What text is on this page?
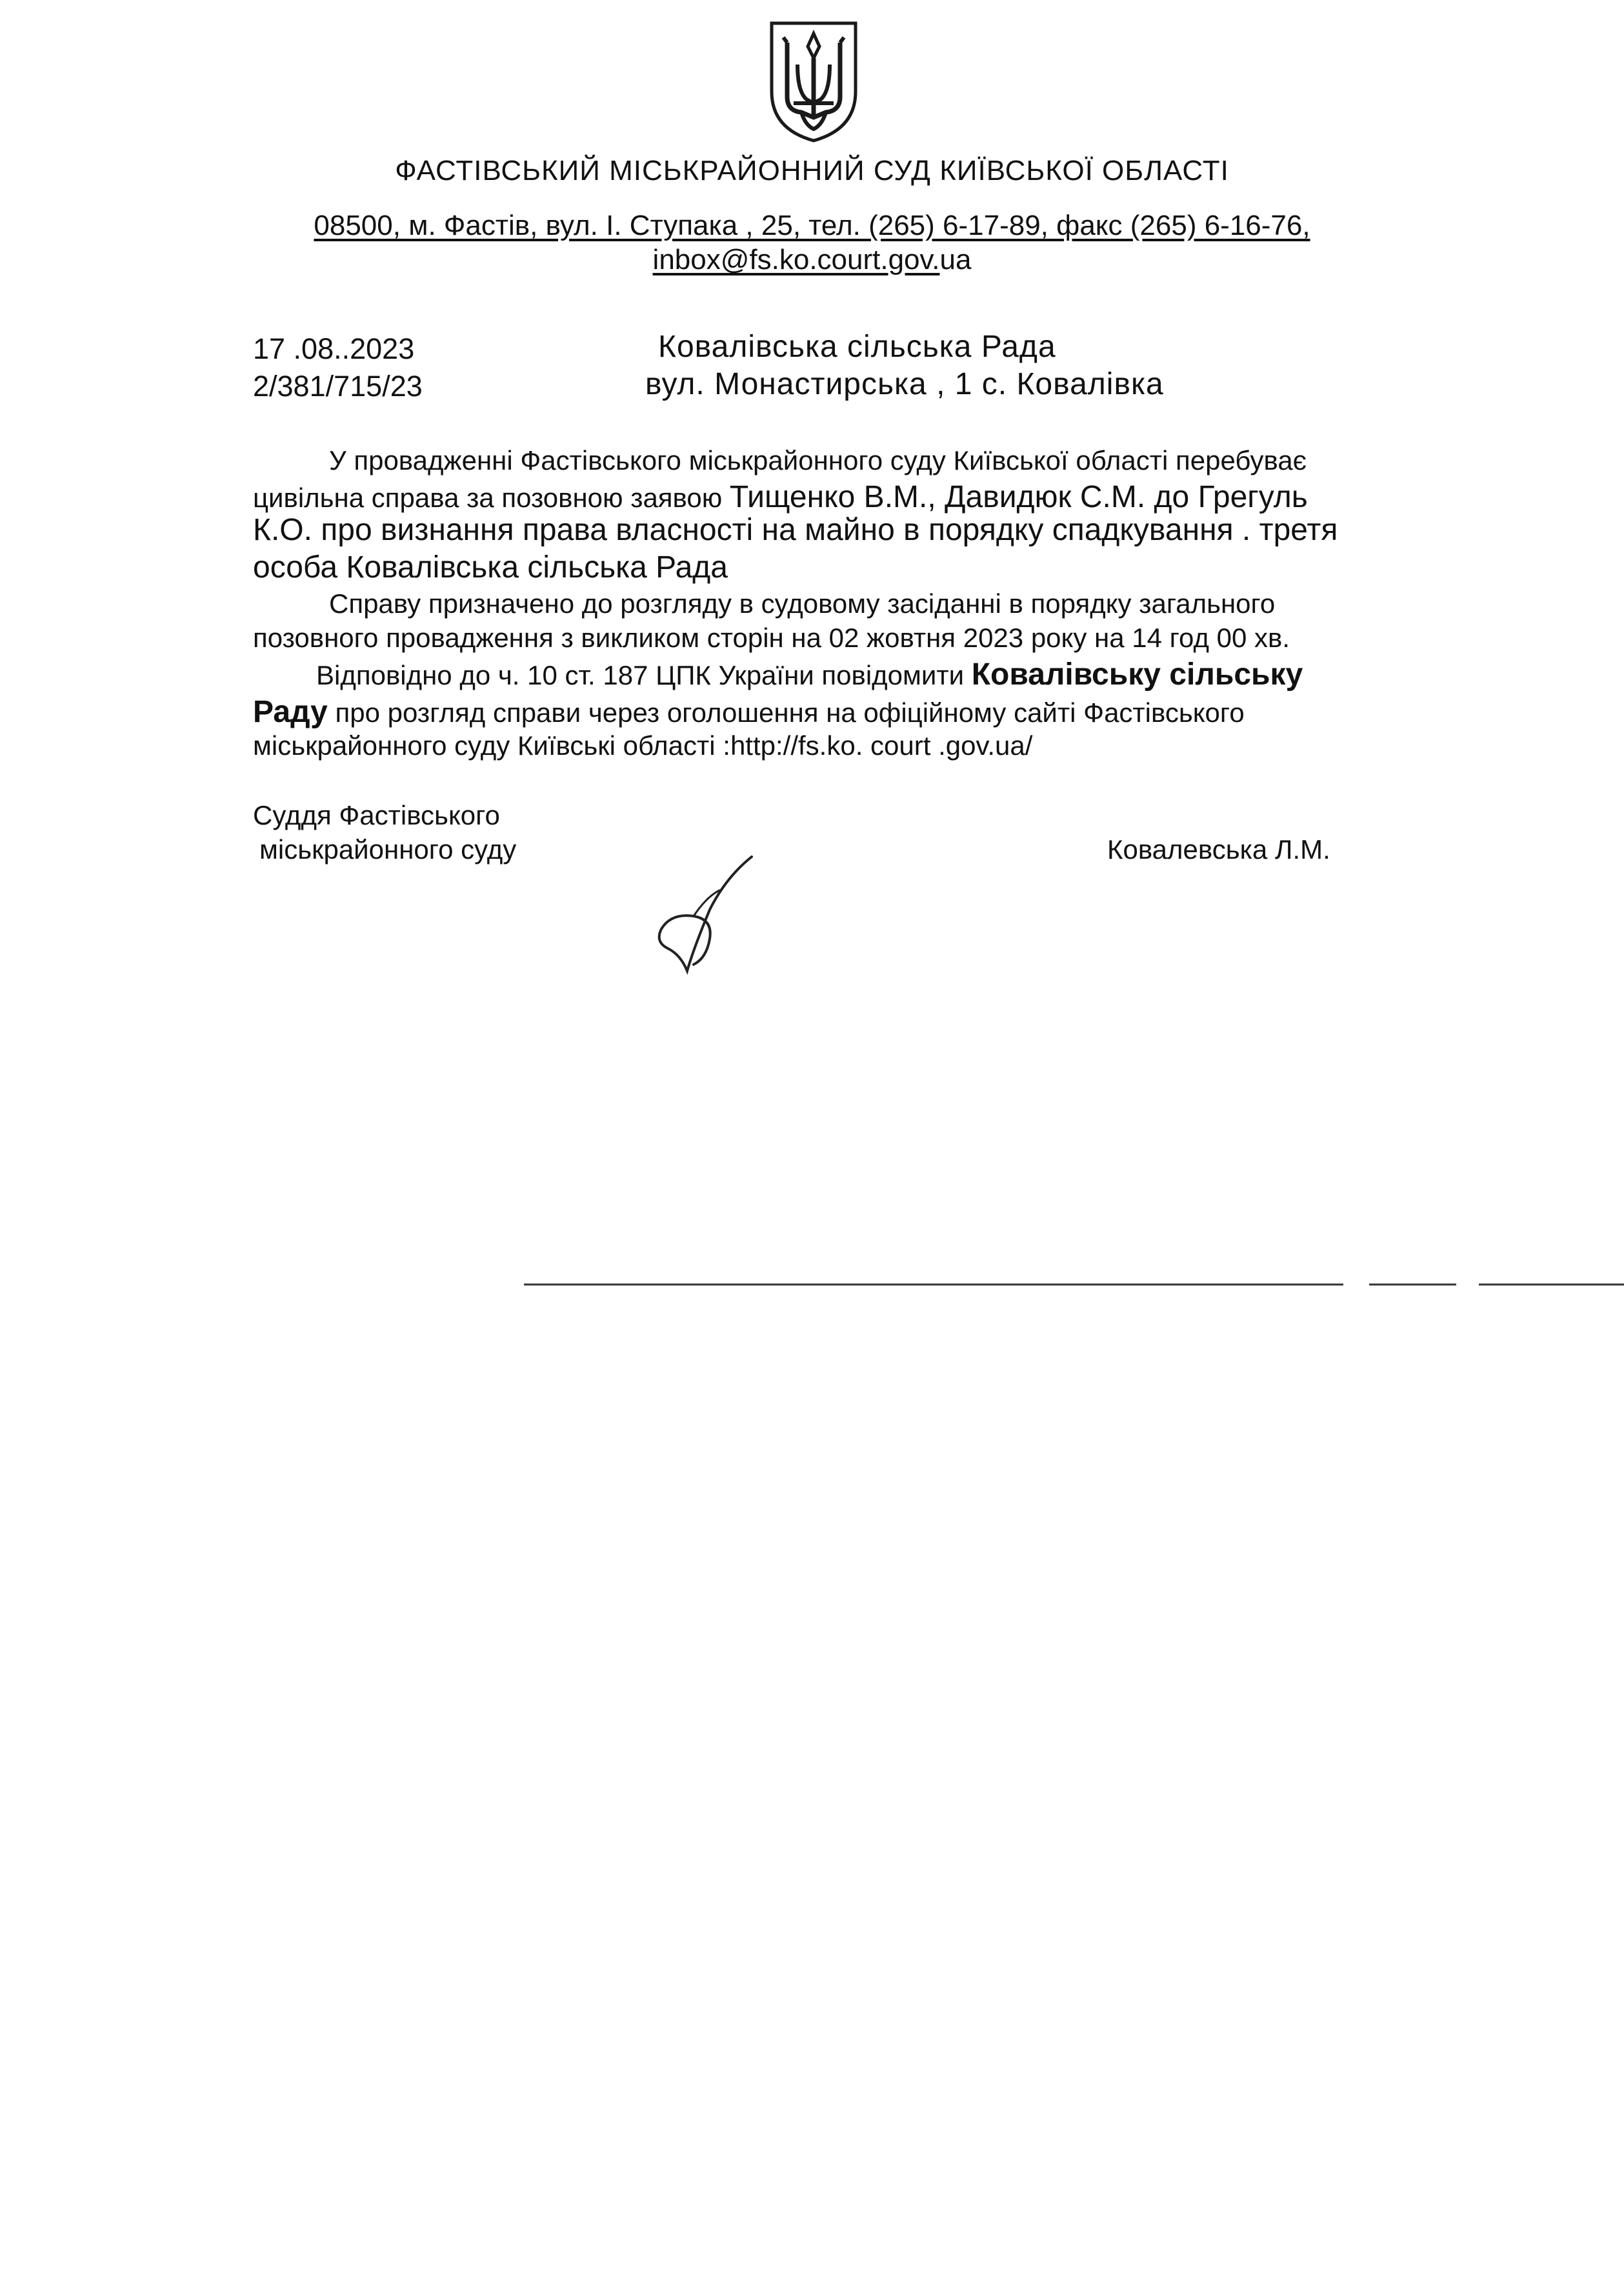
ФАСТІВСЬКИЙ МІСЬКРАЙОННИЙ СУД КИЇВСЬКОЇ ОБЛАСТІ
08500, м. Фастів, вул. І. Ступака , 25, тел. (265) 6-17-89, факс (265) 6-16-76,
inbox@fs.ko.court.gov.ua
17 .08..2023
2/381/715/23
Ковалівська сільська Рада
вул. Монастирська , 1 с. Ковалівка
У провадженні Фастівського міськрайонного суду Київської області перебуває
цивільна справа за позовною заявою Тищенко В.М., Давидюк С.М. до Грегуль
К.О. про визнання права власності на майно в порядку спадкування . третя
особа Ковалівська сільська Рада
Справу призначено до розгляду в судовому засіданні в порядку загального
позовного провадження з викликом сторін на 02 жовтня 2023 року на 14 год 00 хв.
Відповідно до ч. 10 ст. 187 ЦПК України повідомити Ковалівську сільську
Раду про розгляд справи через оголошення на офіційному сайті Фастівського
міськрайонного суду Київські області :http://fs.ko. court .gov.ua/
Суддя Фастівського
міськрайонного суду	Ковалевська Л.М.
